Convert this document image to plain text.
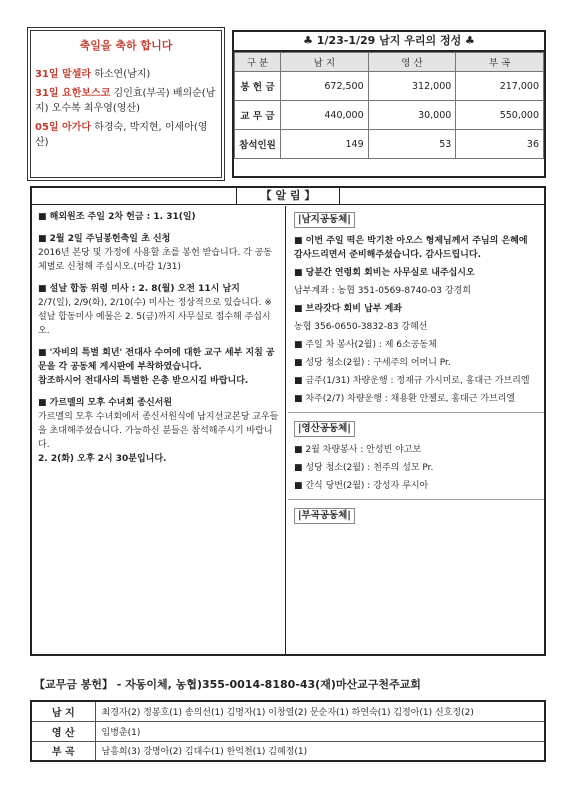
축일을 축하 합니다
31일 말셀라 하소연(남지)
31일 요한보스코 김인효(부곡) 배의순(남지) 오수복 최우영(영산)
05일 아가다 하경숙, 박지현, 이세아(영산)
♣ 1/23-1/29 남지 우리의 정성 ♣
구 분	남 지	영 산	부 곡
봉 헌 금	672,500	312,000	217,000
교 무 금	440,000	30,000	550,000
참석인원	149	53	36
【 알 림 】
■ 해외원조 주일 2차 헌금 : 1. 31(일)
■ 2월 2일 주님봉헌축일 초 신청
2016년 본당 및 가정에 사용할 초를 봉헌 받습니다. 각 공동체별로 신청해 주십시오.(마감 1/31)
■ 설날 합동 위령 미사 : 2. 8(월) 오전 11시 남지
2/7(일), 2/9(화), 2/10(수) 미사는 정상적으로 있습니다. ※ 설날 합동미사 예물은 2. 5(금)까지 사무실로 접수해 주십시오.
■ '자비의 특별 희년' 전대사 수여에 대한 교구 세부 지침 공문을 각 공동체 게시판에 부착하였습니다.
참조하시어 전대사의 특별한 은총 받으시길 바랍니다.
■ 가르멜의 모후 수녀회 종신서원
가르멜의 모후 수녀회에서 종신서원식에 남지선교본당 교우들을 초대해주셨습니다. 가능하신 분들은 참석해주시기 바랍니다.
2. 2(화) 오후 2시 30분입니다.
|남지공동체|
■ 이번 주일 떡은 박기찬 아오스 형제님께서 주님의 은혜에 감사드리면서 준비해주셨습니다. 감사드립니다.
■ 당분간 연령회 회비는 사무실로 내주십시오
납부계좌 : 농협 351-0569-8740-03 강경희
■ 브라갓다 회비 납부 계좌
농협 356-0650-3832-83 강혜선
■ 주일 차 봉사(2월) : 제 6소공동체
■ 성당 청소(2월) : 구세주의 어머니 Pr.
■ 금주(1/31) 차량운행 : 정재규 가시미로, 홍대근 가브리엘
■ 차주(2/7) 차량운행 : 채용환 안젤로, 홍대근 가브리엘
|영산공동체|
■ 2월 차량봉사 : 안성빈 야고보
■ 성당 청소(2월) : 천주의 성모 Pr.
■ 간식 당번(2월) : 강성자 루시아
|부곡공동체|
【교무금 봉헌】 - 자동이체, 농협)355-0014-8180-43(재)마산교구천주교회
남 지	최경자(2) 정봉호(1) 송의선(1) 김명자(1) 이창열(2) 문순자(1) 하연숙(1) 김정아(1) 신호정(2)
영 산	임병춘(1)
부 곡	남흥희(3) 강명아(2) 김대수(1) 한억천(1) 김혜정(1)
